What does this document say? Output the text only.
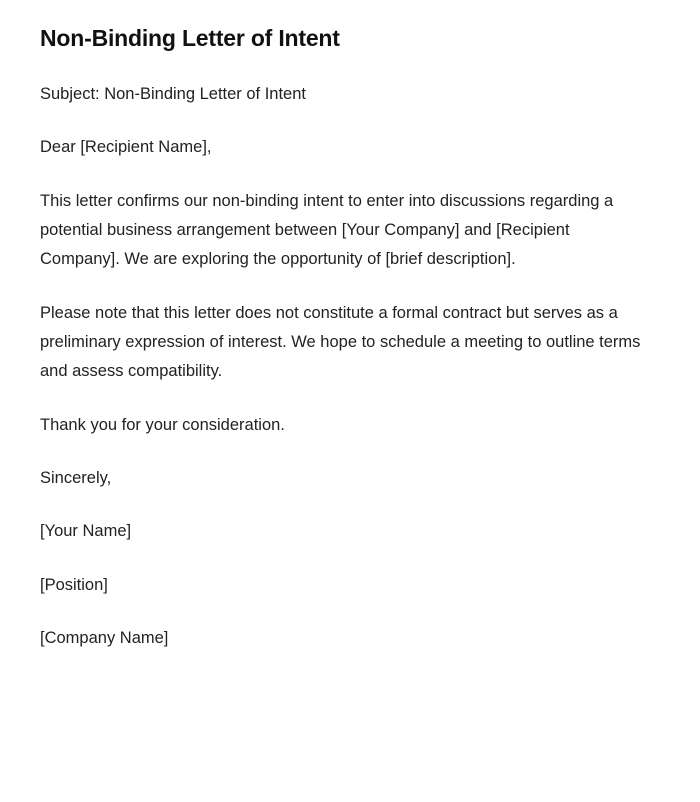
Non-Binding Letter of Intent

Subject: Non-Binding Letter of Intent

Dear [Recipient Name],

This letter confirms our non-binding intent to enter into discussions regarding a potential business arrangement between [Your Company] and [Recipient Company]. We are exploring the opportunity of [brief description].

Please note that this letter does not constitute a formal contract but serves as a preliminary expression of interest. We hope to schedule a meeting to outline terms and assess compatibility.

Thank you for your consideration.

Sincerely,

[Your Name]

[Position]

[Company Name]
